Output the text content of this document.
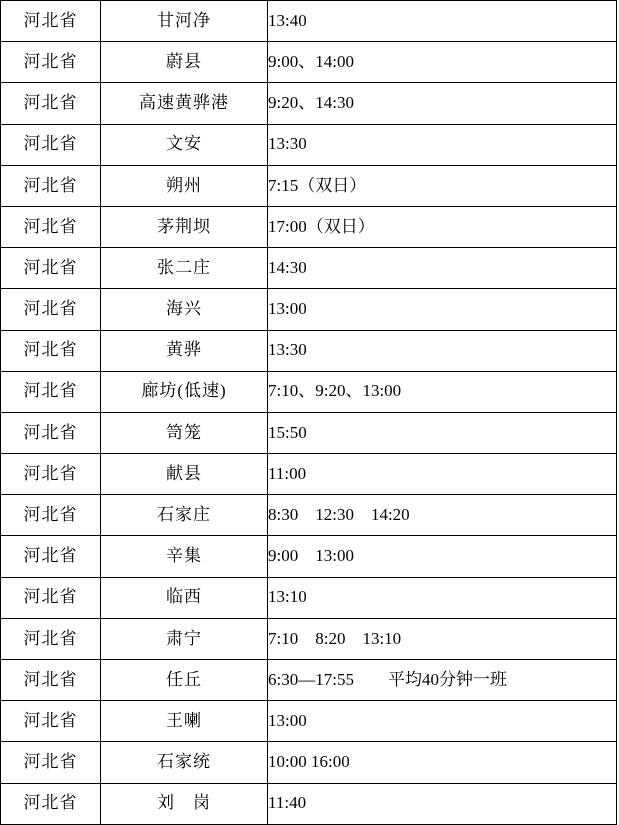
河北省	甘河净	13:40
河北省	蔚县	9:00、14:00
河北省	高速黄骅港	9:20、14:30
河北省	文安	13:30
河北省	朔州	7:15（双日）
河北省	茅荆坝	17:00（双日）
河北省	张二庄	14:30
河北省	海兴	13:00
河北省	黄骅	13:30
河北省	廊坊(低速)	7:10、9:20、13:00
河北省	笥笼	15:50
河北省	献县	11:00
河北省	石家庄	8:30　12:30　14:20
河北省	辛集	9:00　13:00
河北省	临西	13:10
河北省	肃宁	7:10　8:20　13:10
河北省	任丘	6:30—17:55　　平均40分钟一班
河北省	王喇	13:00
河北省	石家统	10:00 16:00
河北省	刘　岗	11:40
